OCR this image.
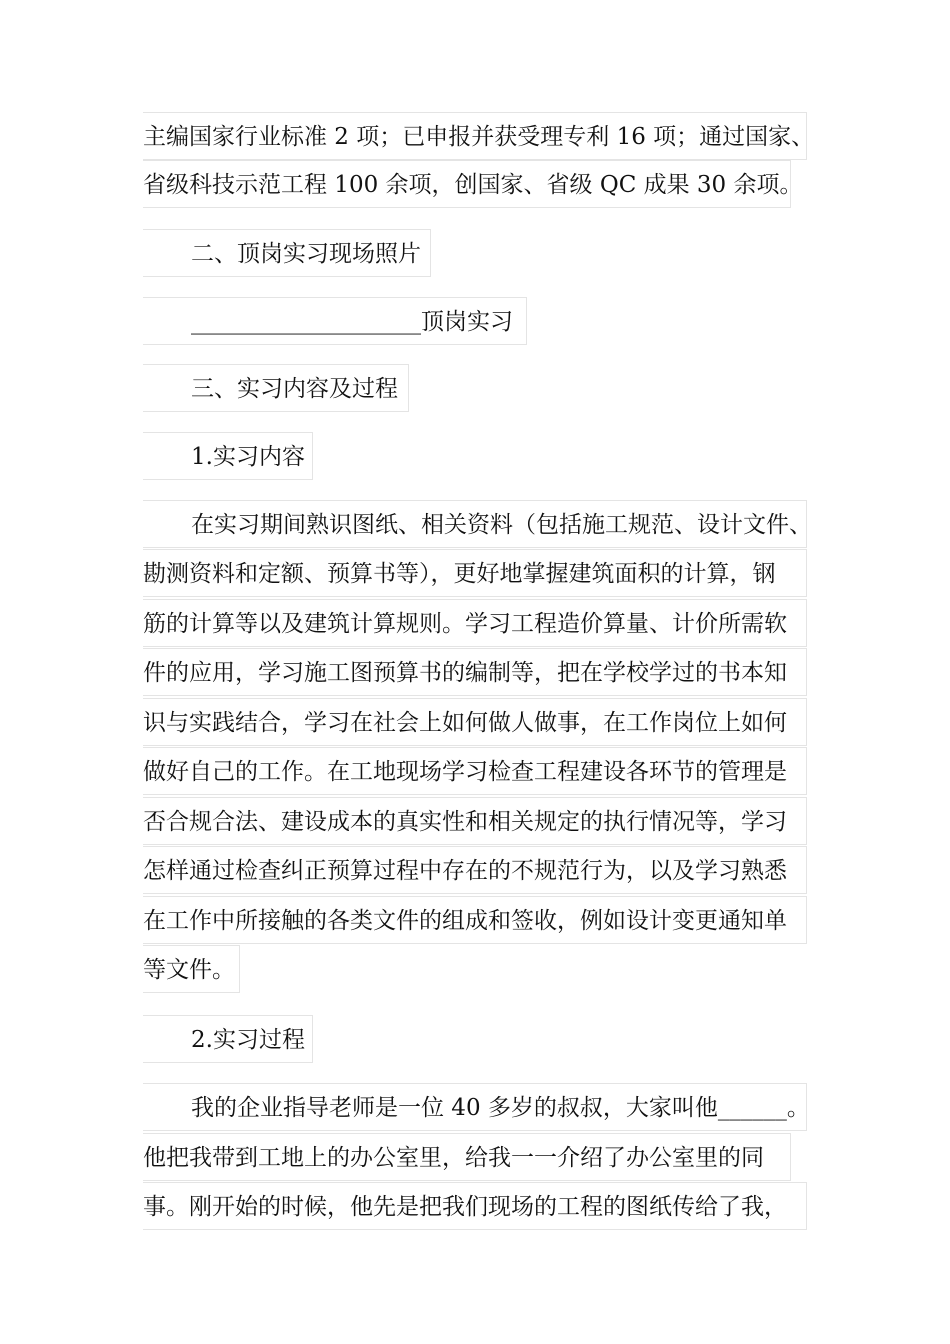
主编国家行业标准 2 项；已申报并获受理专利 16 项；通过国家、
省级科技示范工程 100 余项，创国家、省级 QC 成果 30 余项。
二、顶岗实习现场照片
____________________顶岗实习
三、实习内容及过程
1.实习内容
在实习期间熟识图纸、相关资料（包括施工规范、设计文件、
勘测资料和定额、预算书等），更好地掌握建筑面积的计算，钢
筋的计算等以及建筑计算规则。学习工程造价算量、计价所需软
件的应用，学习施工图预算书的编制等，把在学校学过的书本知
识与实践结合，学习在社会上如何做人做事，在工作岗位上如何
做好自己的工作。在工地现场学习检查工程建设各环节的管理是
否合规合法、建设成本的真实性和相关规定的执行情况等，学习
怎样通过检查纠正预算过程中存在的不规范行为，以及学习熟悉
在工作中所接触的各类文件的组成和签收，例如设计变更通知单
等文件。
2.实习过程
我的企业指导老师是一位 40 多岁的叔叔，大家叫他______。
他把我带到工地上的办公室里，给我一一介绍了办公室里的同
事。刚开始的时候，他先是把我们现场的工程的图纸传给了我，
